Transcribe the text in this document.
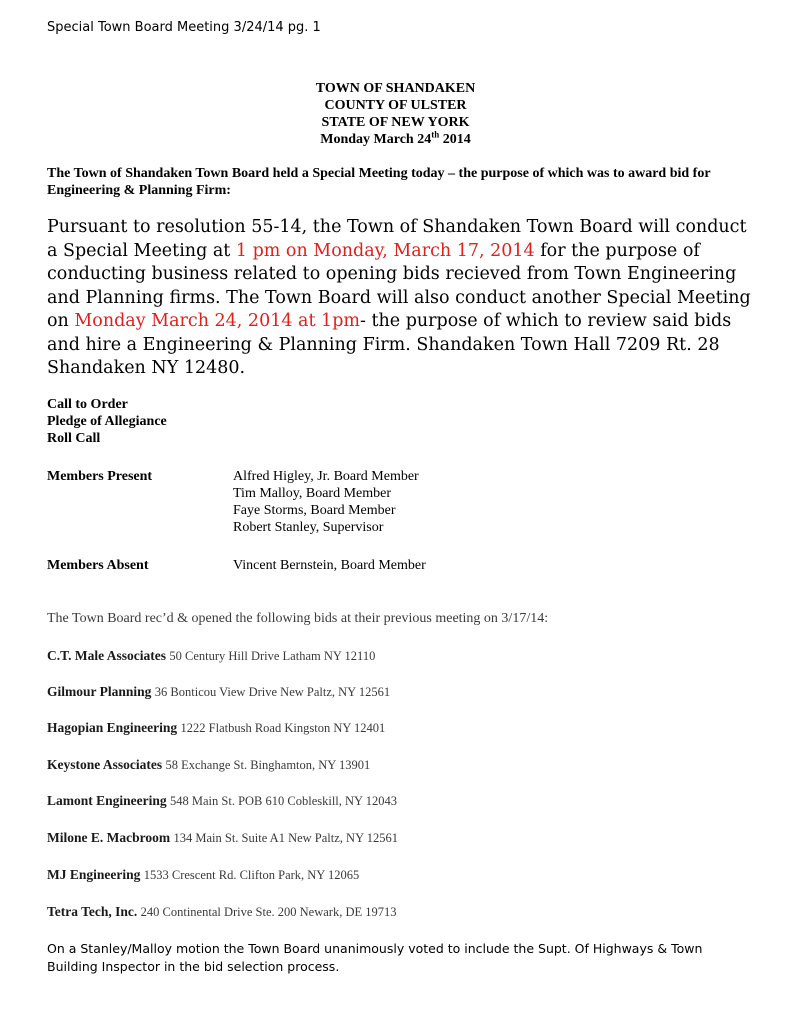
Special Town Board Meeting 3/24/14 pg. 1
TOWN OF SHANDAKEN
COUNTY OF ULSTER
STATE OF NEW YORK
Monday March 24th 2014
The Town of Shandaken Town Board held a Special Meeting today – the purpose of which was to award bid for Engineering & Planning Firm:
Pursuant to resolution 55-14, the Town of Shandaken Town Board will conduct a Special Meeting at 1 pm on Monday, March 17, 2014 for the purpose of conducting business related to opening bids recieved from Town Engineering and Planning firms. The Town Board will also conduct another Special Meeting on Monday March 24, 2014 at 1pm- the purpose of which to review said bids and hire a Engineering & Planning Firm. Shandaken Town Hall 7209 Rt. 28 Shandaken NY 12480.
Call to Order
Pledge of Allegiance
Roll Call
Members Present	Alfred Higley, Jr. Board Member
Tim Malloy, Board Member
Faye Storms, Board Member
Robert Stanley, Supervisor
Members Absent	Vincent Bernstein, Board Member
The Town Board rec’d & opened the following bids at their previous meeting on 3/17/14:
C.T. Male Associates 50 Century Hill Drive Latham NY 12110
Gilmour Planning 36 Bonticou View Drive New Paltz, NY 12561
Hagopian Engineering 1222 Flatbush Road Kingston NY 12401
Keystone Associates 58 Exchange St. Binghamton, NY 13901
Lamont Engineering 548 Main St. POB 610 Cobleskill, NY 12043
Milone E. Macbroom 134 Main St. Suite A1 New Paltz, NY 12561
MJ Engineering 1533 Crescent Rd. Clifton Park, NY 12065
Tetra Tech, Inc. 240 Continental Drive Ste. 200 Newark, DE 19713
On a Stanley/Malloy motion the Town Board unanimously voted to include the Supt. Of Highways & Town Building Inspector in the bid selection process.
